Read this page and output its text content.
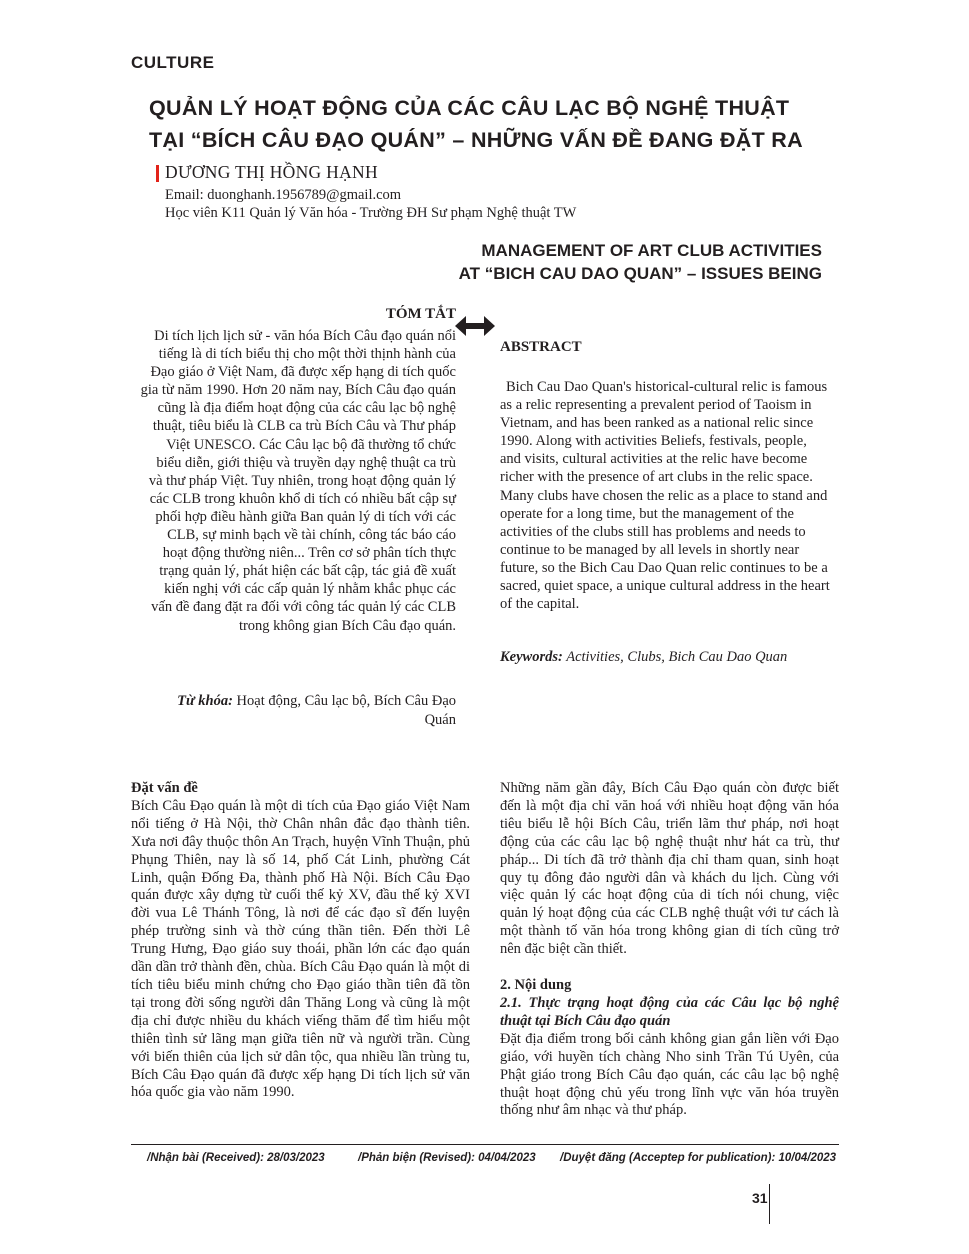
CULTURE
QUẢN LÝ HOẠT ĐỘNG CỦA CÁC CÂU LẠC BỘ NGHỆ THUẬT
TẠI “BÍCH CÂU ĐẠO QUÁN” – NHỮNG VẤN ĐỀ ĐANG ĐẶT RA
DƯƠNG THỊ HỒNG HẠNH
Email: duonghanh.1956789@gmail.com
Học viên K11 Quản lý Văn hóa - Trường ĐH Sư phạm Nghệ thuật TW
MANAGEMENT OF ART CLUB ACTIVITIES
AT “BICH CAU DAO QUAN” – ISSUES BEING
TÓM TẮT
ABSTRACT
Di tích lịch lịch sử - văn hóa Bích Câu đạo quán nổi tiếng là di tích biểu thị cho một thời thịnh hành của Đạo giáo ở Việt Nam, đã được xếp hạng di tích quốc gia từ năm 1990. Hơn 20 năm nay, Bích Câu đạo quán cũng là địa điểm hoạt động của các câu lạc bộ nghệ thuật, tiêu biểu là CLB ca trù Bích Câu và Thư pháp Việt UNESCO. Các Câu lạc bộ đã thường tổ chức biểu diễn, giới thiệu và truyền dạy nghệ thuật ca trù và thư pháp Việt. Tuy nhiên, trong hoạt động quản lý các CLB trong khuôn khổ di tích có nhiều bất cập sự phối hợp điều hành giữa Ban quản lý di tích với các CLB, sự minh bạch về tài chính, công tác báo cáo hoạt động thường niên... Trên cơ sở phân tích thực trạng quản lý, phát hiện các bất cập, tác giả đề xuất kiến nghị với các cấp quản lý nhằm khắc phục các vấn đề đang đặt ra đối với công tác quản lý các CLB trong không gian Bích Câu đạo quán.
Từ khóa: Hoạt động, Câu lạc bộ, Bích Câu Đạo Quán
Bich Cau Dao Quan's historical-cultural relic is famous as a relic representing a prevalent period of Taoism in Vietnam, and has been ranked as a national relic since 1990. Along with activities Beliefs, festivals, people, and visits, cultural activities at the relic have become richer with the presence of art clubs in the relic space. Many clubs have chosen the relic as a place to stand and operate for a long time, but the management of the activities of the clubs still has problems and needs to continue to be managed by all levels in shortly near future, so the Bich Cau Dao Quan relic continues to be a sacred, quiet space, a unique cultural address in the heart of the capital.
Keywords: Activities, Clubs, Bich Cau Dao Quan
Đặt vấn đề

Bích Câu Đạo quán là một di tích của Đạo giáo Việt Nam nổi tiếng ở Hà Nội, thờ Chân nhân đắc đạo thành tiên. Xưa nơi đây thuộc thôn An Trạch, huyện Vĩnh Thuận, phủ Phụng Thiên, nay là số 14, phố Cát Linh, phường Cát Linh, quận Đống Đa, thành phố Hà Nội. Bích Câu Đạo quán được xây dựng từ cuối thế kỷ XV, đầu thế kỷ XVI đời vua Lê Thánh Tông, là nơi để các đạo sĩ đến luyện phép trường sinh và thờ cúng thần tiên. Đến thời Lê Trung Hưng, Đạo giáo suy thoái, phần lớn các đạo quán dần dần trở thành đền, chùa. Bích Câu Đạo quán là một di tích tiêu biểu minh chứng cho Đạo giáo thần tiên đã tồn tại trong đời sống người dân Thăng Long và cũng là một địa chỉ được nhiều du khách viếng thăm để tìm hiểu một thiên tình sử lãng mạn giữa tiên nữ và người trần. Cùng với biến thiên của lịch sử dân tộc, qua nhiều lần trùng tu, Bích Câu Đạo quán đã được xếp hạng Di tích lịch sử văn hóa quốc gia vào năm 1990.

Những năm gần đây, Bích Câu Đạo quán còn được biết đến là một địa chỉ văn hoá với nhiều hoạt động văn hóa tiêu biểu lễ hội Bích Câu, triển lãm thư pháp, nơi hoạt động của các câu lạc bộ nghệ thuật như hát ca trù, thư pháp... Di tích đã trở thành địa chỉ tham quan, sinh hoạt quy tụ đông đảo người dân và khách du lịch. Cùng với việc quản lý các hoạt động của di tích nói chung, việc quản lý hoạt động của các CLB nghệ thuật với tư cách là một thành tố văn hóa trong không gian di tích cũng trở nên đặc biệt cần thiết.

2. Nội dung
2.1. Thực trạng hoạt động của các Câu lạc bộ nghệ thuật tại Bích Câu đạo quán

Đặt địa điểm trong bối cảnh không gian gắn liền với Đạo giáo, với huyền tích chàng Nho sinh Trần Tú Uyên, của Phật giáo trong Bích Câu đạo quán, các câu lạc bộ nghệ thuật hoạt động chủ yếu trong lĩnh vực văn hóa truyền thống như âm nhạc và thư pháp.

/Nhận bài (Received): 28/03/2023	/Phản biện (Revised): 04/04/2023 /Duyệt đăng (Acceptep for publication): 10/04/2023
31
